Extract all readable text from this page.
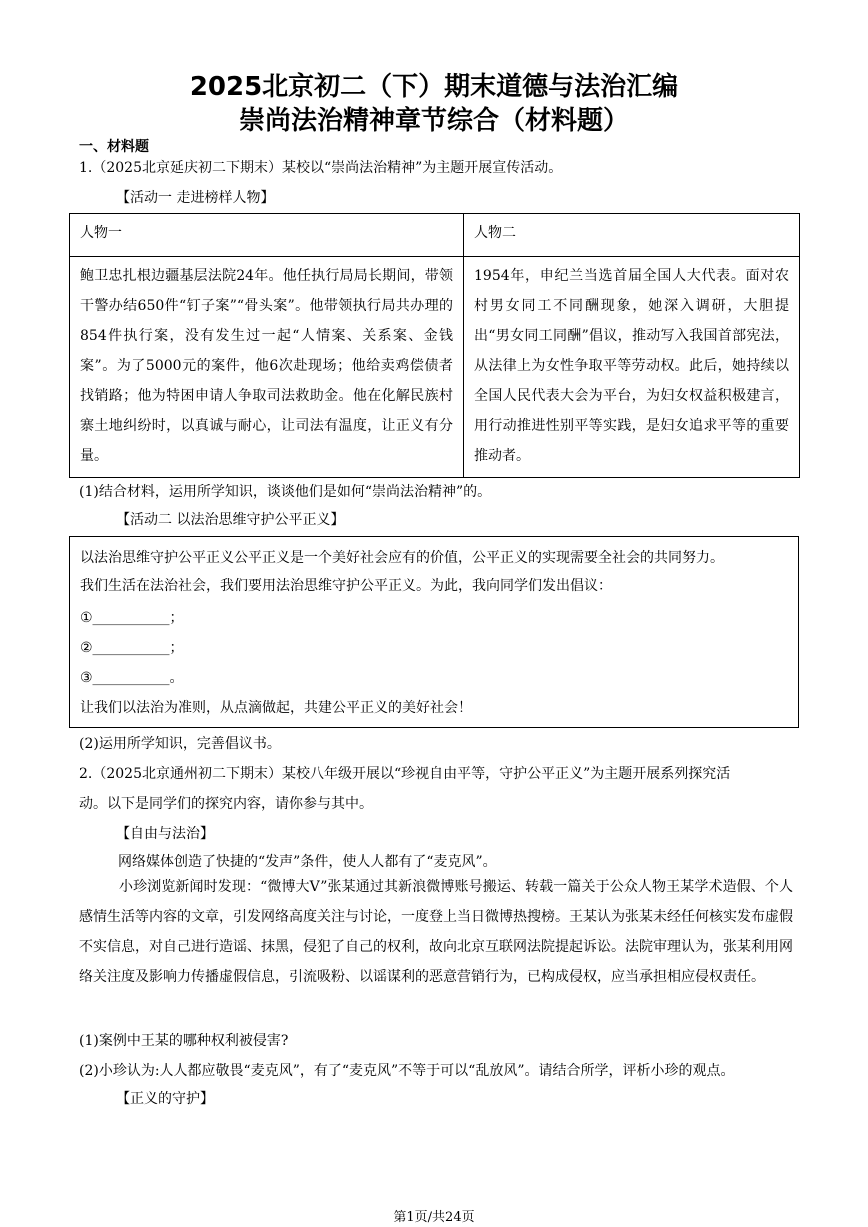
2025北京初二（下）期末道德与法治汇编
崇尚法治精神章节综合（材料题）
一、材料题
1.（2025北京延庆初二下期末）某校以“崇尚法治精神”为主题开展宣传活动。
【活动一 走进榜样人物】
人物一	人物二
鲍卫忠扎根边疆基层法院24年。他任执行局局长期间，带领干警办结650件“钉子案”“骨头案”。他带领执行局共办理的854件执行案，没有发生过一起“人情案、关系案、金钱案”。为了5000元的案件，他6次赴现场；他给卖鸡偿债者找销路；他为特困申请人争取司法救助金。他在化解民族村寨土地纠纷时，以真诚与耐心，让司法有温度，让正义有分量。	1954年，申纪兰当选首届全国人大代表。面对农村男女同工不同酬现象，她深入调研，大胆提出“男女同工同酬”倡议，推动写入我国首部宪法，从法律上为女性争取平等劳动权。此后，她持续以全国人民代表大会为平台，为妇女权益积极建言，用行动推进性别平等实践，是妇女追求平等的重要推动者。
(1)结合材料，运用所学知识，谈谈他们是如何“崇尚法治精神”的。
【活动二 以法治思维守护公平正义】
以法治思维守护公平正义公平正义是一个美好社会应有的价值，公平正义的实现需要全社会的共同努力。
我们生活在法治社会，我们要用法治思维守护公平正义。为此，我向同学们发出倡议：
①___________；
②___________；
③___________。
让我们以法治为准则，从点滴做起，共建公平正义的美好社会！
(2)运用所学知识，完善倡议书。
2.（2025北京通州初二下期末）某校八年级开展以“珍视自由平等，守护公平正义”为主题开展系列探究活
动。以下是同学们的探究内容，请你参与其中。
【自由与法治】
网络媒体创造了快捷的“发声”条件，使人人都有了“麦克风”。
小珍浏览新闻时发现：“微博大V”张某通过其新浪微博账号搬运、转载一篇关于公众人物王某学术造假、个人感情生活等内容的文章，引发网络高度关注与讨论，一度登上当日微博热搜榜。王某认为张某未经任何核实发布虚假不实信息，对自己进行造谣、抹黑，侵犯了自己的权利，故向北京互联网法院提起诉讼。法院审理认为，张某利用网络关注度及影响力传播虚假信息，引流吸粉、以谣谋利的恶意营销行为，已构成侵权，应当承担相应侵权责任。
(1)案例中王某的哪种权利被侵害?
(2)小珍认为:人人都应敬畏“麦克风”，有了“麦克风”不等于可以“乱放风”。请结合所学，评析小珍的观点。
【正义的守护】
第1页/共24页
